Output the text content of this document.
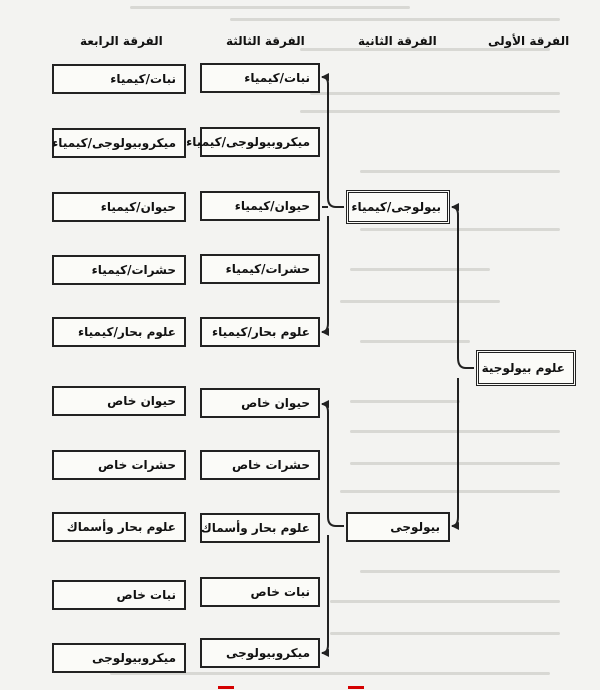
الفرقة الرابعة	الفرقة الثالثة	الفرقة الثانية	الفرقة الأولى
نبات/كيمياء
ميكروبيولوجى/كيمياء
حيوان/كيمياء
حشرات/كيمياء
علوم بحار/كيمياء
حيوان خاص
حشرات خاص
علوم بحار وأسماك
نبات خاص
ميكروبيولوجى
نبات/كيمياء
ميكروبيولوجى/كيمياء
حيوان/كيمياء
حشرات/كيمياء
علوم بحار/كيمياء
حيوان خاص
حشرات خاص
علوم بحار وأسماك
نبات خاص
ميكروبيولوجى
بيولوجى/كيمياء
بيولوجى
علوم بيولوجية
